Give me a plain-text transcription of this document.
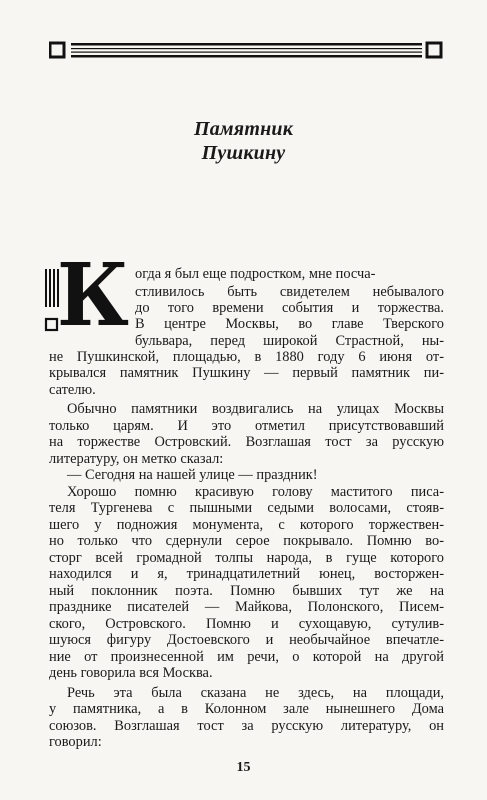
Памятник
Пушкину
К огда я был еще подростком, мне посча-
стливилось быть свидетелем небывалого
до того времени события и торжества.
В центре Москвы, во главе Тверского
бульвара, перед широкой Страстной, ны-
не Пушкинской, площадью, в 1880 году 6 июня от-
крывался памятник Пушкину — первый памятник пи-
сателю.
Обычно памятники воздвигались на улицах Москвы
только царям. И это отметил присутствовавший
на торжестве Островский. Возглашая тост за русскую
литературу, он метко сказал:
— Сегодня на нашей улице — праздник!
Хорошо помню красивую голову маститого писа-
теля Тургенева с пышными седыми волосами, стояв-
шего у подножия монумента, с которого торжествен-
но только что сдернули серое покрывало. Помню во-
сторг всей громадной толпы народа, в гуще которого
находился и я, тринадцатилетний юнец, восторжен-
ный поклонник поэта. Помню бывших тут же на
празднике писателей — Майкова, Полонского, Писем-
ского, Островского. Помню и сухощавую, сутулив-
шуюся фигуру Достоевского и необычайное впечатле-
ние от произнесенной им речи, о которой на другой
день говорила вся Москва.
Речь эта была сказана не здесь, на площади,
у памятника, а в Колонном зале нынешнего Дома
союзов. Возглашая тост за русскую литературу, он
говорил:
15
